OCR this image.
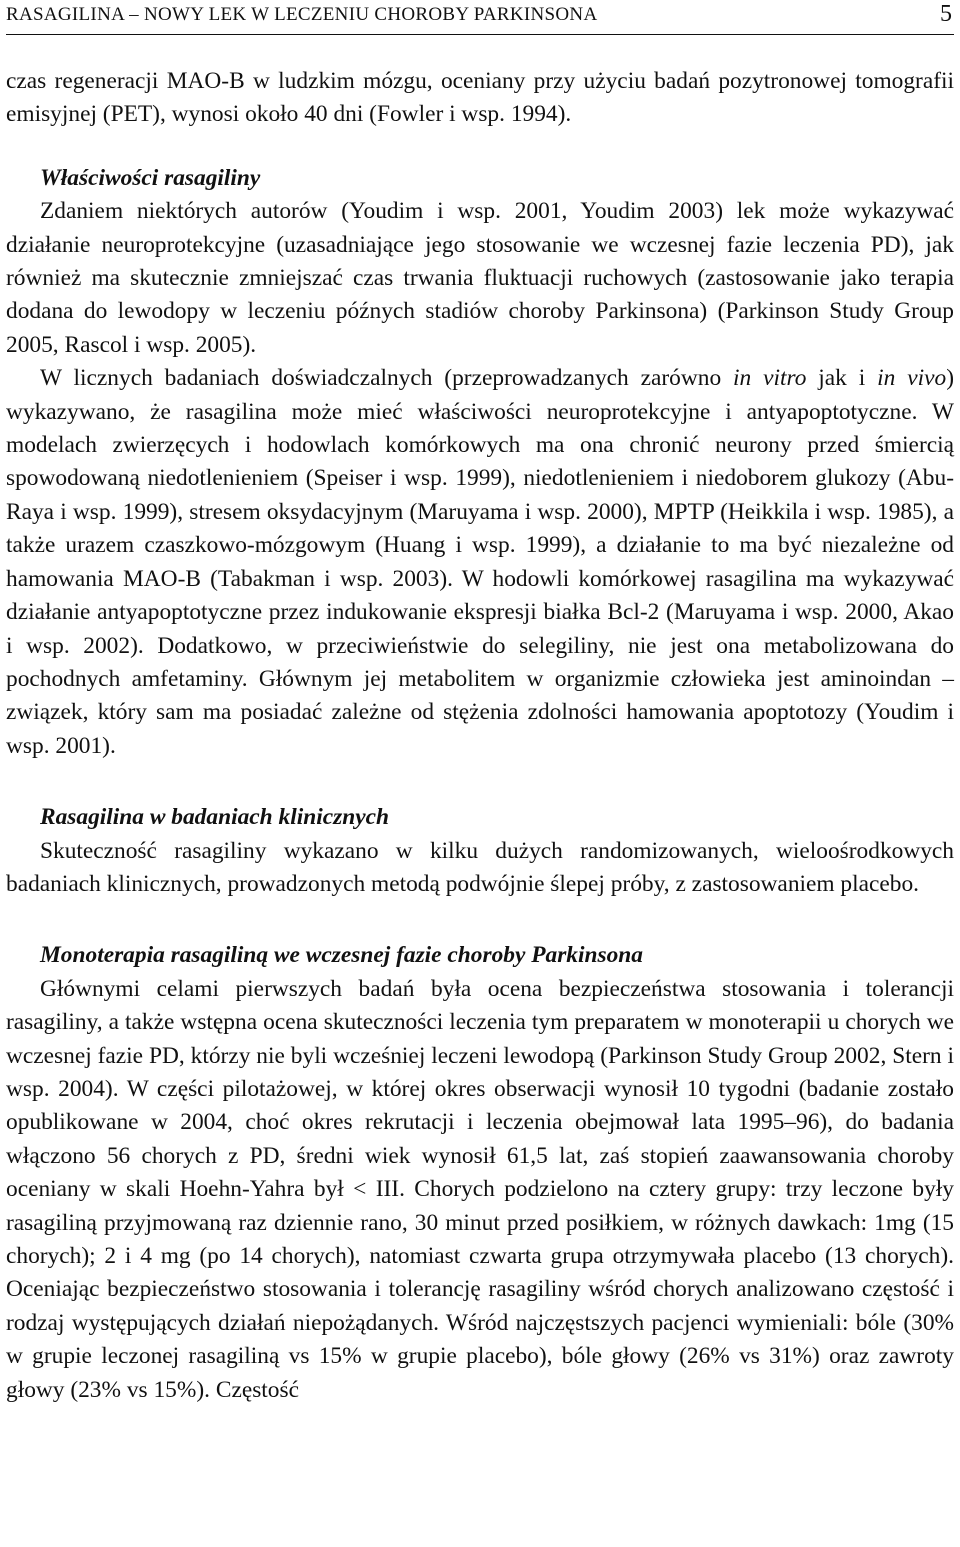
RASAGILINA – NOWY LEK W LECZENIU CHOROBY PARKINSONA	5

czas regeneracji MAO-B w ludzkim mózgu, oceniany przy użyciu badań pozytronowej tomografii emisyjnej (PET), wynosi około 40 dni (Fowler i wsp. 1994).

Właściwości rasagiliny

Zdaniem niektórych autorów (Youdim i wsp. 2001, Youdim 2003) lek może wykazywać działanie neuroprotekcyjne (uzasadniające jego stosowanie we wczesnej fazie leczenia PD), jak również ma skutecznie zmniejszać czas trwania fluktuacji ruchowych (zastosowanie jako terapia dodana do lewodopy w leczeniu późnych stadiów choroby Parkinsona) (Parkinson Study Group 2005, Rascol i wsp. 2005).

W licznych badaniach doświadczalnych (przeprowadzanych zarówno in vitro jak i in vivo) wykazywano, że rasagilina może mieć właściwości neuroprotekcyjne i antyapoptotyczne. W modelach zwierzęcych i hodowlach komórkowych ma ona chronić neurony przed śmiercią spowodowaną niedotlenieniem (Speiser i wsp. 1999), niedotlenieniem i niedoborem glukozy (Abu-Raya i wsp. 1999), stresem oksydacyjnym (Maruyama i wsp. 2000), MPTP (Heikkila i wsp. 1985), a także urazem czaszkowo-mózgowym (Huang i wsp. 1999), a działanie to ma być niezależne od hamowania MAO-B (Tabakman i wsp. 2003). W hodowli komórkowej rasagilina ma wykazywać działanie antyapoptotyczne przez indukowanie ekspresji białka Bcl-2 (Maruyama i wsp. 2000, Akao i wsp. 2002). Dodatkowo, w przeciwieństwie do selegiliny, nie jest ona metabolizowana do pochodnych amfetaminy. Głównym jej metabolitem w organizmie człowieka jest aminoindan – związek, który sam ma posiadać zależne od stężenia zdolności hamowania apoptotozy (Youdim i wsp. 2001).

Rasagilina w badaniach klinicznych

Skuteczność rasagiliny wykazano w kilku dużych randomizowanych, wieloośrodkowych badaniach klinicznych, prowadzonych metodą podwójnie ślepej próby, z zastosowaniem placebo.

Monoterapia rasagiliną we wczesnej fazie choroby Parkinsona

Głównymi celami pierwszych badań była ocena bezpieczeństwa stosowania i tolerancji rasagiliny, a także wstępna ocena skuteczności leczenia tym preparatem w monoterapii u chorych we wczesnej fazie PD, którzy nie byli wcześniej leczeni lewodopą (Parkinson Study Group 2002, Stern i wsp. 2004). W części pilotażowej, w której okres obserwacji wynosił 10 tygodni (badanie zostało opublikowane w 2004, choć okres rekrutacji i leczenia obejmował lata 1995–96), do badania włączono 56 chorych z PD, średni wiek wynosił 61,5 lat, zaś stopień zaawansowania choroby oceniany w skali Hoehn-Yahra był < III. Chorych podzielono na cztery grupy: trzy leczone były rasagiliną przyjmowaną raz dziennie rano, 30 minut przed posiłkiem, w różnych dawkach: 1mg (15 chorych); 2 i 4 mg (po 14 chorych), natomiast czwarta grupa otrzymywała placebo (13 chorych). Oceniając bezpieczeństwo stosowania i tolerancję rasagiliny wśród chorych analizowano częstość i rodzaj występujących działań niepożądanych. Wśród najczęstszych pacjenci wymieniali: bóle (30% w grupie leczonej rasagiliną vs 15% w grupie placebo), bóle głowy (26% vs 31%) oraz zawroty głowy (23% vs 15%). Częstość
